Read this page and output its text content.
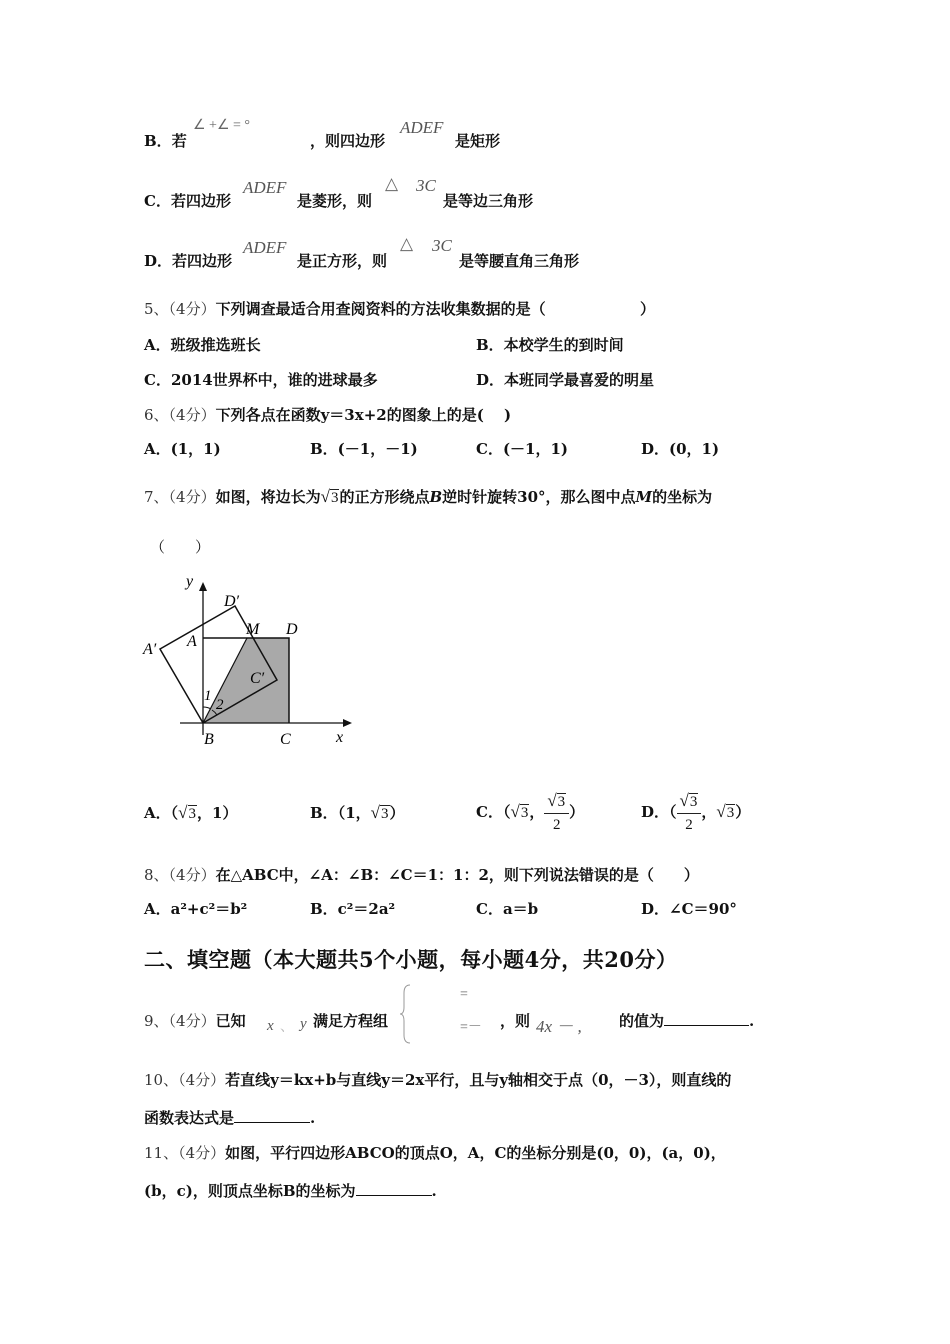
B．若
∠ +∠ = °
，则四边形
ADEF
是矩形
C．若四边形
ADEF
是菱形，则
△ 3C
是等边三角形
D．若四边形
ADEF
是正方形，则
△ 3C
是等腰直角三角形
5、（4分）下列调查最适合用查阅资料的方法收集数据的是（	）
A．班级推选班长	B．本校学生的到时间
C．2014世界杯中，谁的进球最多	D．本班同学最喜爱的明星
6、（4分）下列各点在函数y＝3x+2的图象上的是(　 )
A．(1，1)	B．(－1，－1)	C．(－1，1)	D．(0，1)
7、（4分）如图，将边长为√3的正方形绕点B逆时针旋转30°，那么图中点M的坐标为
（　　）
y
D′
A′ A
M D
C′
1
2
B	C	x
A．（√3，1）	B．（1，√3）	C．（√3， $\frac{√3}{2}$ ）	D．（ $\frac{√3}{2}$ ，√3）
8、（4分）在△ABC中，∠A：∠B：∠C＝1：1：2，则下列说法错误的是（　　）
A．a²+c²＝b²	B．c²＝2a²	C．a＝b	D．∠C＝90°
二、填空题（本大题共5个小题，每小题4分，共20分）
9、（4分）已知 x 、 y 满足方程组
=
=－ ，则 4x － , 的值为	.
10、（4分）若直线y＝kx+b与直线y＝2x平行，且与y轴相交于点（0，－3），则直线的
函数表达式是	.
11、（4分）如图，平行四边形ABCO的顶点O，A，C的坐标分别是(0，0)，(a，0)，
(b，c)，则顶点坐标B的坐标为	.
